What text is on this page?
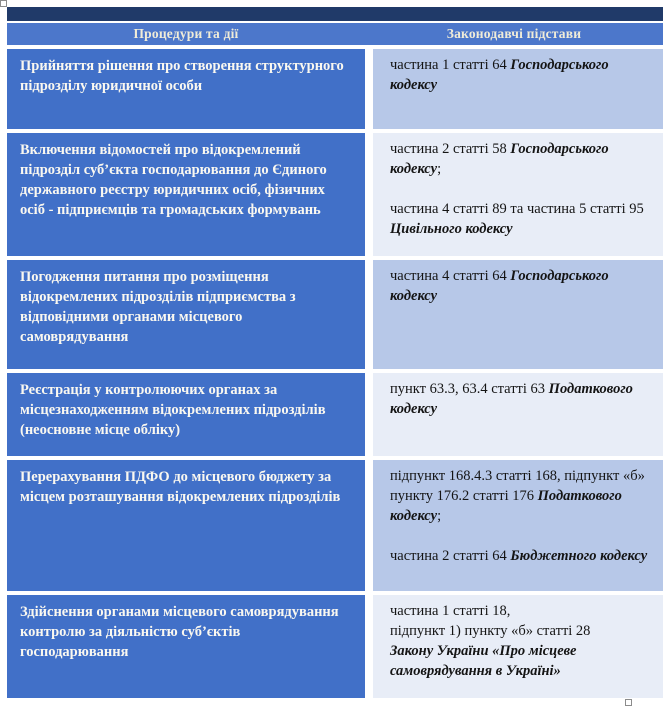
Процедури та дії	Законодавчі підстави
Прийняття рішення про створення структурного підрозділу юридичної особи

частина 1 статті 64 Господарського кодексу

Включення відомостей про відокремлений підрозділ суб’єкта господарювання до Єдиного державного реєстру юридичних осіб, фізичних осіб - підприємців та громадських формувань

частина 2 статті 58 Господарського кодексу;

частина 4 статті 89 та частина 5 статті 95 Цивільного кодексу

Погодження питання про розміщення відокремлених підрозділів підприємства з відповідними органами місцевого самоврядування

частина 4 статті 64 Господарського кодексу

Реєстрація у контролюючих органах за місцезнаходженням відокремлених підрозділів (неосновне місце обліку)

пункт 63.3, 63.4 статті 63 Податкового кодексу

Перерахування ПДФО до місцевого бюджету за місцем розташування відокремлених підрозділів

підпункт 168.4.3 статті 168, підпункт «б» пункту 176.2 статті 176 Податкового кодексу;

частина 2 статті 64 Бюджетного кодексу

Здійснення органами місцевого самоврядування контролю за діяльністю суб’єктів господарювання

частина 1 статті 18,

підпункт 1) пункту «б» статті 28

Закону України «Про місцеве самоврядування в Україні»
